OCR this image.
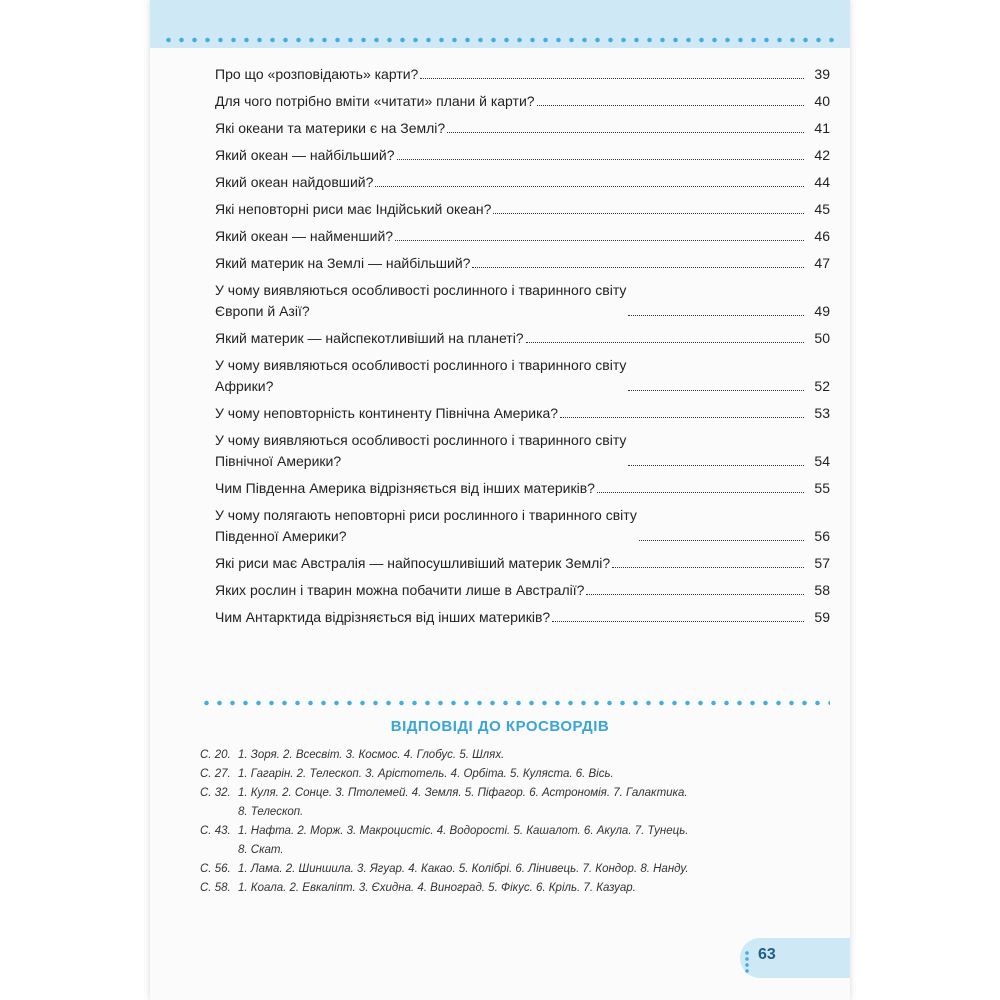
Про що «розповідають» карти?	39
Для чого потрібно вміти «читати» плани й карти?	40
Які океани та материки є на Землі?	41
Який океан — найбільший?	42
Який океан найдовший?	44
Які неповторні риси має Індійський океан?	45
Який океан — найменший?	46
Який материк на Землі — найбільший?	47
У чому виявляються особливості рослинного і тваринного світу
Європи й Азії?	49
Який материк — найспекотливіший на планеті?	50
У чому виявляються особливості рослинного і тваринного світу
Африки?	52
У чому неповторність континенту Північна Америка?	53
У чому виявляються особливості рослинного і тваринного світу
Північної Америки?	54
Чим Південна Америка відрізняється від інших материків?	55
У чому полягають неповторні риси рослинного і тваринного світу
Південної Америки?	56
Які риси має Австралія — найпосушливіший материк Землі?	57
Яких рослин і тварин можна побачити лише в Австралії?	58
Чим Антарктида відрізняється від інших материків?	59
ВІДПОВІДІ ДО КРОСВОРДІВ
С. 20. 1. Зоря. 2. Всесвіт. 3. Космос. 4. Глобус. 5. Шлях.
С. 27. 1. Гагарін. 2. Телескоп. 3. Арістотель. 4. Орбіта. 5. Куляста. 6. Вісь.
С. 32. 1. Куля. 2. Сонце. 3. Птолемей. 4. Земля. 5. Піфагор. 6. Астрономія. 7. Галактика.
8. Телескоп.
С. 43. 1. Нафта. 2. Морж. 3. Макроцистіс. 4. Водорості. 5. Кашалот. 6. Акула. 7. Тунець.
8. Скат.
С. 56. 1. Лама. 2. Шиншила. 3. Ягуар. 4. Какао. 5. Колібрі. 6. Лінивець. 7. Кондор. 8. Нанду.
С. 58. 1. Коала. 2. Евкаліпт. 3. Єхидна. 4. Виноград. 5. Фікус. 6. Кріль. 7. Казуар.
63
